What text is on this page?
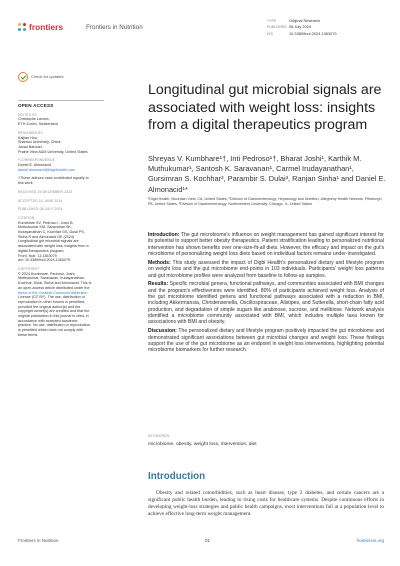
frontiers	Frontiers in Nutrition
TYPE	Original Research
PUBLISHED 08 July 2024
DOI	10.3389/fnut.2024.1363079
Check for updates
OPEN ACCESS
EDITED BY
Christophe Lacroix,
ETH Zurich, Switzerland
REVIEWED BY
Kaijian Hou,
Shantou University, China
Javad Barouei,
Prairie View A&M University, United States
*CORRESPONDENCE
Daniel E. Almonacid
daniel.almonacid@digbihealth.com
†These authors have contributed equally to
this work
RECEIVED 29 DECEMBER 2023
ACCEPTED 24 JUNE 2024
PUBLISHED 08 JULY 2024
CITATION
Kumbhare SV, Pedroso I, Joshi B,
Muthukumar KM, Saravanan SK,
Irudayanathan C, Kochhar GS, Dulai PS,
Sinha R and Almonacid DE (2024)
Longitudinal gut microbial signals are
associated with weight loss: insights from a
digital therapeutics program.
Front. Nutr. 11:1363079.
doi: 10.3389/fnut.2024.1363079
COPYRIGHT
© 2024 Kumbhare, Pedroso, Joshi,
Muthukumar, Saravanan, Irudayanathan,
Kochhar, Dulai, Sinha and Almonacid. This is
an open-access article distributed under the
terms of the Creative Commons Attribution
License (CC BY). The use, distribution or
reproduction in other forums is permitted,
provided the original author(s) and the
copyright owner(s) are credited and that the
original publication in this journal is cited, in
accordance with accepted academic
practice. No use, distribution or reproduction
is permitted which does not comply with
these terms.
Longitudinal gut microbial signals are associated with weight loss: insights from a digital therapeutics program
Shreyas V. Kumbhare¹†, Inti Pedroso¹†, Bharat Joshi¹, Karthik M. Muthukumar¹, Santosh K. Saravanan¹, Carmel Irudayanathan¹, Gursimran S. Kochhar², Parambir S. Dulai³, Ranjan Sinha¹ and Daniel E. Almonacid¹*
¹Digbi Health, Mountain View, CA, United States, ²Division of Gastroenterology, Hepatology and Nutrition, Allegheny Health Network, Pittsburgh, PA, United States, ³Division of Gastroenterology, Northwestern University, Chicago, IL, United States

Introduction: The gut microbiome's influence on weight management has gained significant interest for its potential to support better obesity therapeutics. Patient stratification leading to personalized nutritional intervention has shown benefits over one-size-fit-all diets. However, the efficacy and impact on the gut's microbiome of personalizing weight loss diets based on individual factors remains under-investigated.

Methods: This study assessed the impact of Digbi Health's personalized dietary and lifestyle program on weight loss and the gut microbiome end-points in 103 individuals. Participants' weight loss patterns and gut microbiome profiles were analyzed from baseline to follow-up samples.

Results: Specific microbial genera, functional pathways, and communities associated with BMI changes and the program's effectiveness were identified. 80% of participants achieved weight loss. Analysis of the gut microbiome identified genera and functional pathways associated with a reduction in BMI, including Akkermansia, Christensenella, Oscillospiraceae, Alistipes, and Sutterella, short-chain fatty acid production, and degradation of simple sugars like arabinose, sucrose, and melibiose. Network analysis identified a microbiome community associated with BMI, which includes multiple taxa known for associations with BMI and obesity.

Discussion: The personalized dietary and lifestyle program positively impacted the gut microbiome and demonstrated significant associations between gut microbial changes and weight loss. These findings support the use of the gut microbiome as an endpoint in weight loss interventions, highlighting potential microbiome biomarkers for further research.

KEYWORDS
microbiome, obesity, weight loss, intervention, diet
Introduction

Obesity and related comorbidities, such as heart disease, type 2 diabetes, and certain cancers are a significant public health burden, leading to rising costs for healthcare systems. Despite continuous efforts in developing weight-loss strategies and public health campaigns, most interventions fail at a population level to achieve effective long-term weight management.

Frontiers in Nutrition	01	frontiersin.org
